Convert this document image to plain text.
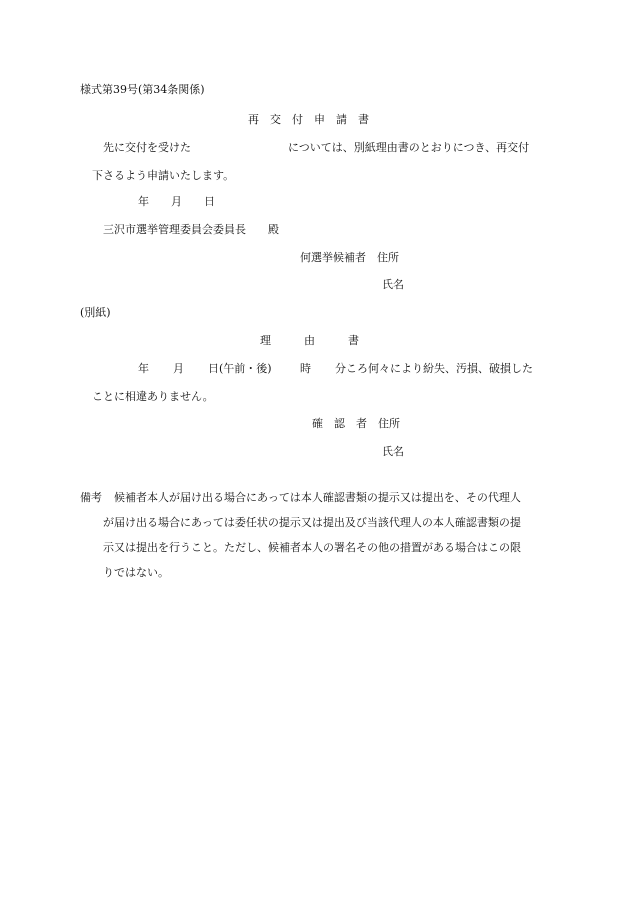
様式第39号(第34条関係)
再　交　付　申　請　書
先に交付を受けた	については、別紙理由書のとおりにつき、再交付
下さるよう申請いたします。
年　　月　　日
三沢市選挙管理委員会委員長　　殿
何選挙候補者　住所
氏名
(別紙)
理　　　由　　　書
年 月 日(午前・後)	時 分ころ何々により紛失、汚損、破損した
ことに相違ありません。
確　認　者　住所
氏名
備考 候補者本人が届け出る場合にあっては本人確認書類の提示又は提出を、その代理人
が届け出る場合にあっては委任状の提示又は提出及び当該代理人の本人確認書類の提
示又は提出を行うこと。ただし、候補者本人の署名その他の措置がある場合はこの限
りではない。
